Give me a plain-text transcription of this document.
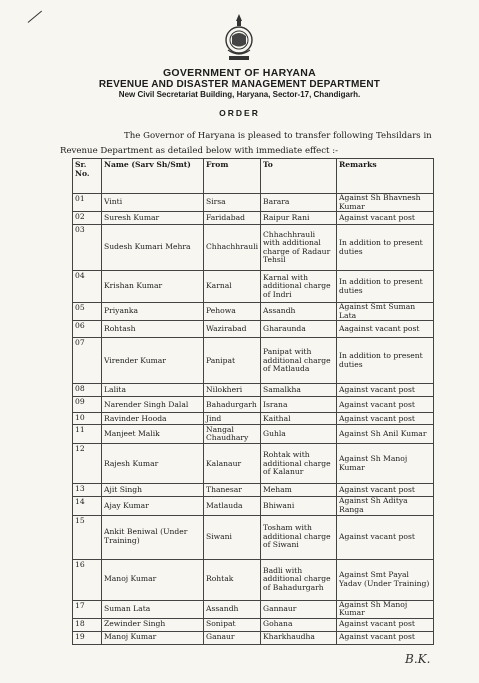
GOVERNMENT OF HARYANA
REVENUE AND DISASTER MANAGEMENT DEPARTMENT
New Civil Secretariat Building, Haryana, Sector-17, Chandigarh.
ORDER
The Governor of Haryana is pleased to transfer following Tehsildars in
Revenue Department as detailed below with immediate effect :-
Sr. No.	Name (Sarv Sh/Smt)	From	To	Remarks
01	Vinti	Sirsa	Barara	Against Sh Bhavnesh Kumar
02	Suresh Kumar	Faridabad	Raipur Rani	Against vacant post
03	Sudesh Kumari Mehra	Chhachhrauli	Chhachhrauli with additional charge of Radaur Tehsil	In addition to present duties
04	Krishan Kumar	Karnal	Karnal with additional charge of Indri	In addition to present duties
05	Priyanka	Pehowa	Assandh	Against Smt Suman Lata
06	Rohtash	Wazirabad	Gharaunda	Aagainst vacant post
07	Virender Kumar	Panipat	Panipat with additional charge of Matlauda	In addition to present duties
08	Lalita	Nilokheri	Samalkha	Against vacant post
09	Narender Singh Dalal	Bahadurgarh	Israna	Against vacant post
10	Ravinder Hooda	Jind	Kaithal	Against vacant post
11	Manjeet Malik	Nangal Chaudhary	Guhla	Against Sh Anil Kumar
12	Rajesh Kumar	Kalanaur	Rohtak with additional charge of Kalanur	Against Sh Manoj Kumar
13	Ajit Singh	Thanesar	Meham	Against vacant post
14	Ajay Kumar	Matlauda	Bhiwani	Against Sh Aditya Ranga
15	Ankit Beniwal (Under Training)	Siwani	Tosham with additional charge of Siwani	Against vacant post
16	Manoj Kumar	Rohtak	Badli with additional charge of Bahadurgarh	Against Smt Payal Yadav (Under Training)
17	Suman Lata	Assandh	Gannaur	Against Sh Manoj Kumar
18	Zewinder Singh	Sonipat	Gohana	Against vacant post
19	Manoj Kumar	Ganaur	Kharkhaudha	Against vacant post
B.K.
